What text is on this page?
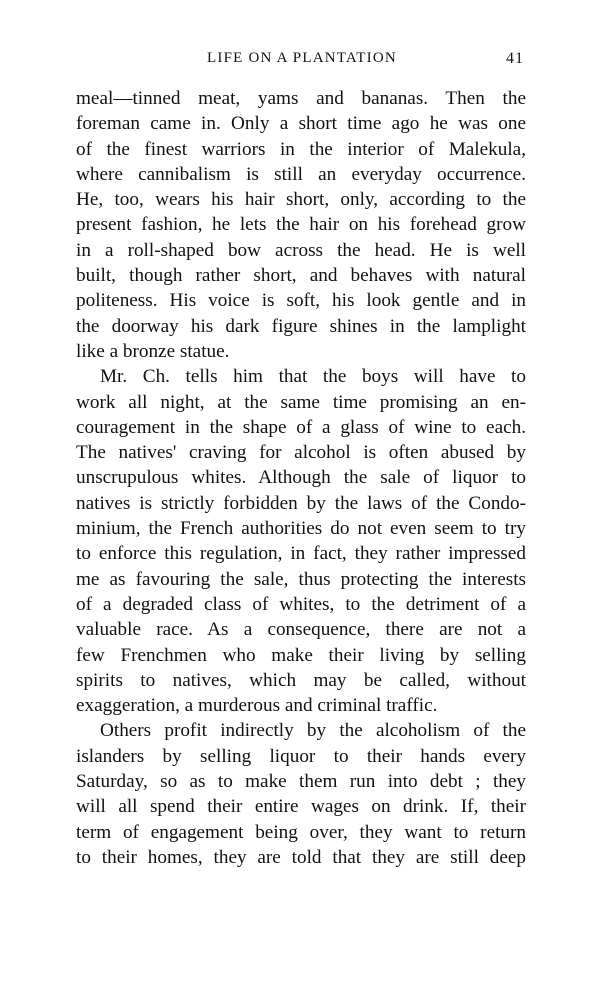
LIFE ON A PLANTATION	41
meal—tinned meat, yams and bananas. Then the
foreman came in. Only a short time ago he was one
of the finest warriors in the interior of Malekula,
where cannibalism is still an everyday occurrence.
He, too, wears his hair short, only, according to the
present fashion, he lets the hair on his forehead grow
in a roll-shaped bow across the head. He is well
built, though rather short, and behaves with natural
politeness. His voice is soft, his look gentle and in
the doorway his dark figure shines in the lamplight
like a bronze statue.
Mr. Ch. tells him that the boys will have to
work all night, at the same time promising an en-
couragement in the shape of a glass of wine to each.
The natives' craving for alcohol is often abused by
unscrupulous whites. Although the sale of liquor to
natives is strictly forbidden by the laws of the Condo-
minium, the French authorities do not even seem to try
to enforce this regulation, in fact, they rather impressed
me as favouring the sale, thus protecting the interests
of a degraded class of whites, to the detriment of a
valuable race. As a consequence, there are not a
few Frenchmen who make their living by selling
spirits to natives, which may be called, without
exaggeration, a murderous and criminal traffic.
Others profit indirectly by the alcoholism of the
islanders by selling liquor to their hands every
Saturday, so as to make them run into debt ; they
will all spend their entire wages on drink. If, their
term of engagement being over, they want to return
to their homes, they are told that they are still deep
